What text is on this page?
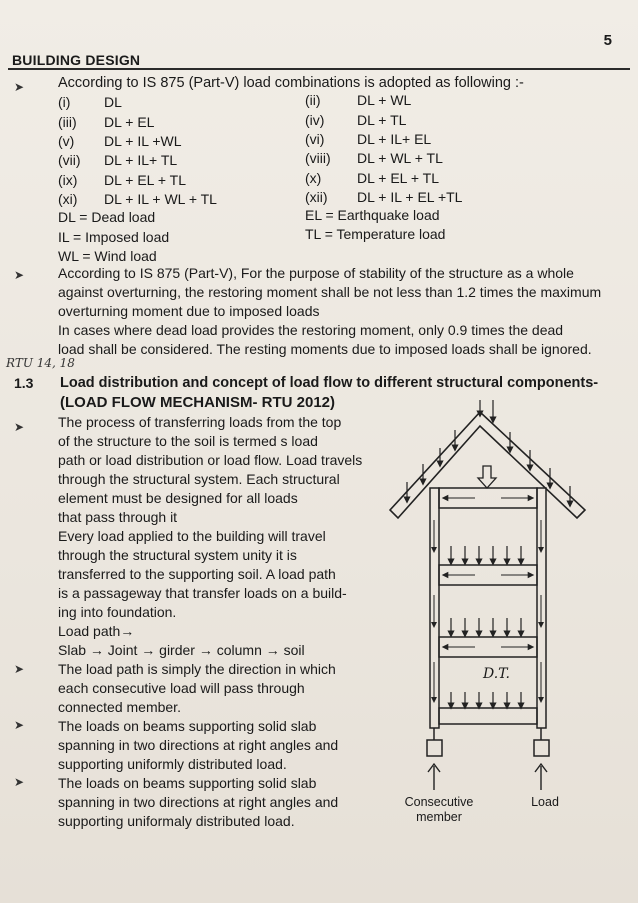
5
BUILDING DESIGN
➤ According to IS 875 (Part-V) load combinations is adopted as following :-
(i) DL	(ii)	DL + WL
(iii) DL + EL	(iv) DL + TL
(v) DL + IL +WL	(vi) DL + IL+ EL
(vii) DL + IL+ TL	(viii) DL + WL + TL
(ix) DL + EL + TL	(x)	DL + EL + TL
(xi) DL + IL + WL + TL	(xii) DL + IL + EL +TL
DL = Dead load	EL = Earthquake load
IL = Imposed load	TL = Temperature load
WL = Wind load
➤ According to IS 875 (Part-V), For the purpose of stability of the structure as a whole
against overturning, the restoring moment shall be not less than 1.2 times the maximum
overturning moment due to imposed loads
In cases where dead load provides the restoring moment, only 0.9 times the dead
load shall be considered. The resting moments due to imposed loads shall be ignored.
RTU 14, 18
1.3 Load distribution and concept of load flow to different structural components-
(LOAD FLOW MECHANISM- RTU 2012)
➤
➤
➤
➤
The process of transferring loads from the top
of the structure to the soil is termed s load
path or load distribution or load flow. Load travels
through the structural system. Each structural
element must be designed for all loads
that pass through it
Every load applied to the building will travel
through the structural system unity it is
transferred to the supporting soil. A load path
is a passageway that transfer loads on a build-
ing into foundation.
Load path→
Slab → Joint → girder → column → soil
The load path is simply the direction in which
each consecutive load will pass through
connected member.
The loads on beams supporting solid slab
spanning in two directions at right angles and
supporting uniformly distributed load.
The loads on beams supporting solid slab
spanning in two directions at right angles and
supporting uniformaly distributed load.
D.T.
Consecutive
member
Load
